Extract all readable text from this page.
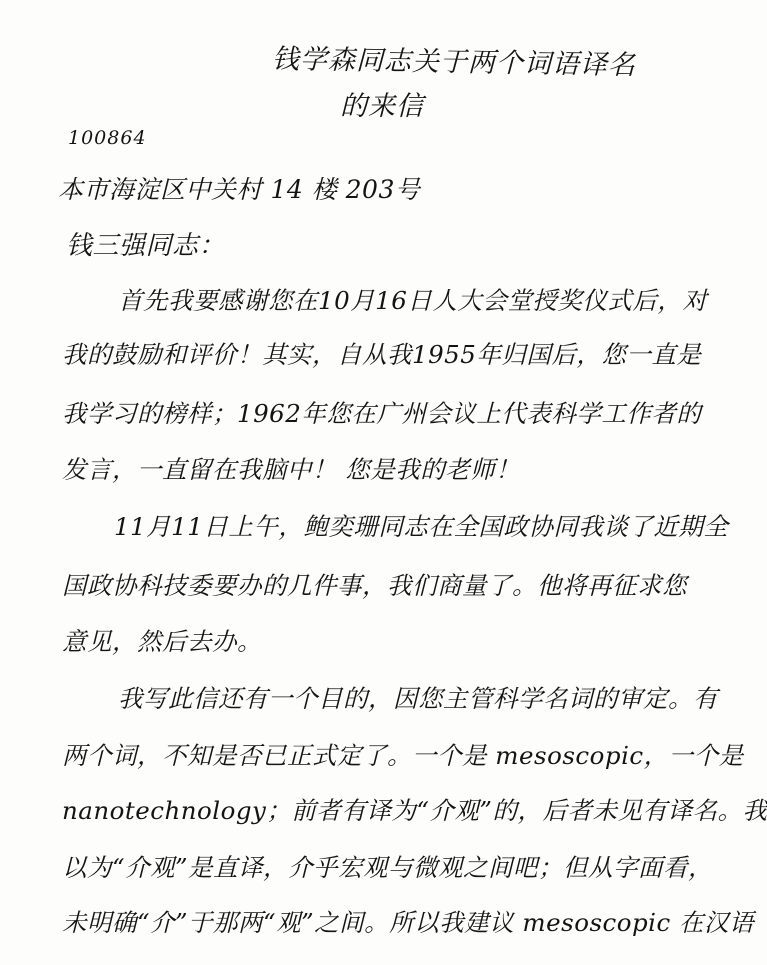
钱学森同志关于两个词语译名
的来信
100864
本市海淀区中关村 14 楼 203号
钱三强同志：
首先我要感谢您在10月16日人大会堂授奖仪式后，对
我的鼓励和评价！其实，自从我1955年归国后，您一直是
我学习的榜样；1962年您在广州会议上代表科学工作者的
发言，一直留在我脑中！ 您是我的老师！
11月11日上午，鲍奕珊同志在全国政协同我谈了近期全
国政协科技委要办的几件事，我们商量了。他将再征求您
意见，然后去办。
我写此信还有一个目的，因您主管科学名词的审定。有
两个词，不知是否已正式定了。一个是 mesoscopic，一个是
nanotechnology；前者有译为“介观”的，后者未见有译名。我
以为“介观”是直译，介乎宏观与微观之间吧；但从字面看，
未明确“介”于那两“观”之间。所以我建议 mesoscopic 在汉语
